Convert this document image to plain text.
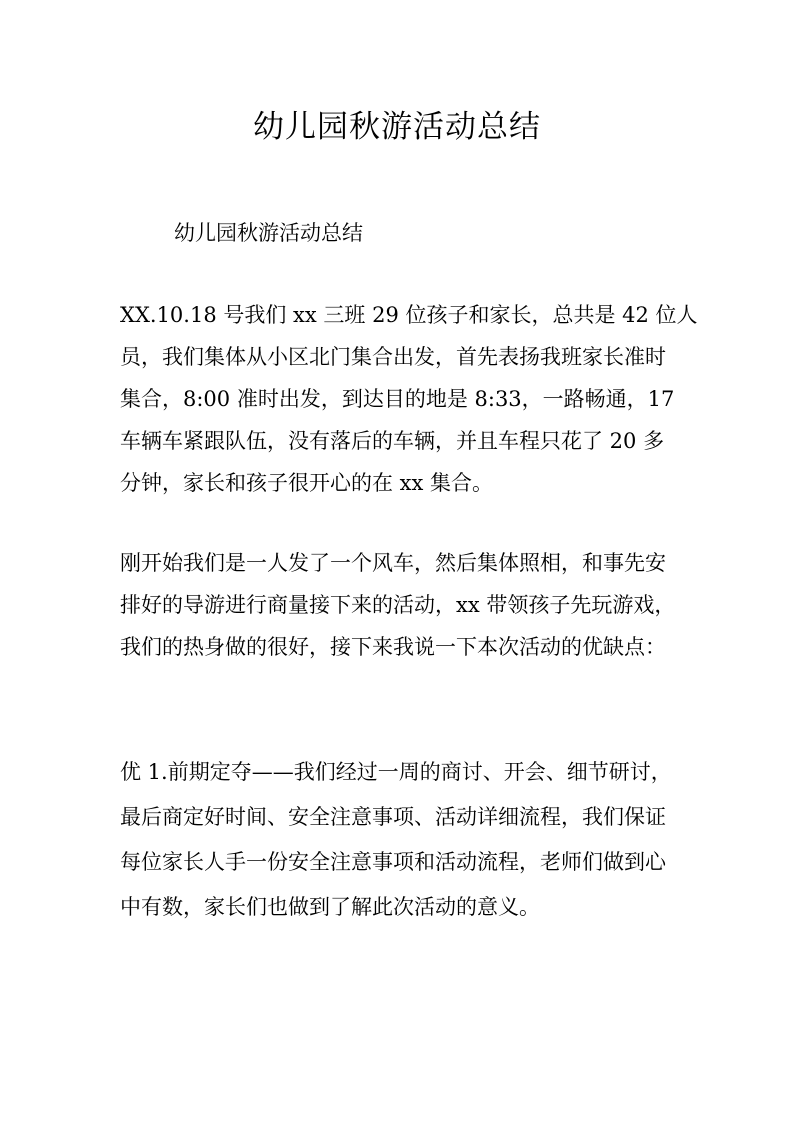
幼儿园秋游活动总结

幼儿园秋游活动总结

XX.10.18 号我们 xx 三班 29 位孩子和家长，总共是 42 位人
员，我们集体从小区北门集合出发，首先表扬我班家长准时
集合，8:00 准时出发，到达目的地是 8:33，一路畅通，17
车辆车紧跟队伍，没有落后的车辆，并且车程只花了 20 多
分钟，家长和孩子很开心的在 xx 集合。

刚开始我们是一人发了一个风车，然后集体照相，和事先安
排好的导游进行商量接下来的活动，xx 带领孩子先玩游戏，
我们的热身做的很好，接下来我说一下本次活动的优缺点：

优 1.前期定夺——我们经过一周的商讨、开会、细节研讨，
最后商定好时间、安全注意事项、活动详细流程，我们保证
每位家长人手一份安全注意事项和活动流程，老师们做到心
中有数，家长们也做到了解此次活动的意义。
